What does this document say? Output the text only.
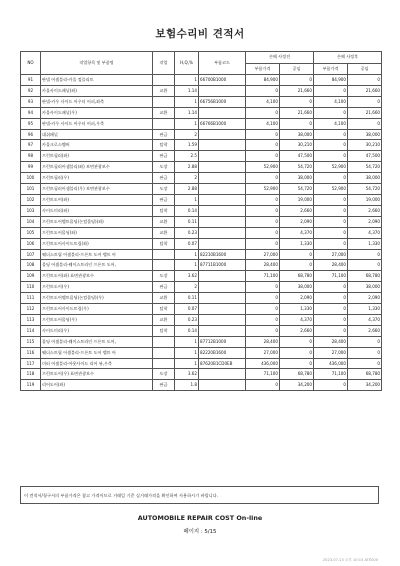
보험수리비 견적서
NO	작업항목 및 부품명	작업	H,Q,%	부품코드	손해 사정전		손해 사정후	
					부품가격	공임	부품가격	공임
91	판넬 어셈블리-카울 컴플리트		1	66700B1000	84,900	0	84,900	0
92	카울사이드패널(좌)	교환	1.14		0	21,660	0	21,660
93	판넬-카우 사이드 아우터 어퍼,좌측		1	66756B1000	4,100	0	4,100	0
94	카울사이드패널(우)	교환	1.14		0	21,660	0	21,660
95	판넬-카우 사이드 아우터 어퍼,우측		1	66766B1000	4,100	0	4,100	0
96	대쉬패널	판금	2		0	38,000	0	38,000
97	카울크로스멤버	탈착	1.59		0	30,210	0	30,210
98	프런트필러(좌)	판금	2.5		0	47,500	0	47,500
99	프런트필러어셈블리(좌) 보면관광보수	도장	2.88		52,900	54,720	52,900	54,720
100	프런트필러(우)	판금	2		0	38,000	0	38,000
101	프런트필러어셈블리(우) 보면관광보수	도장	2.88		52,900	54,720	52,900	54,720
102	프런트도어(좌)	판금	1		0	19,000	0	19,000
103	사이드미러(좌)	탈착	0.14		0	2,660	0	2,660
104	프런트도어벨트몰딩(논컴몰딩)(좌)	교환	0.11		0	2,090	0	2,090
105	프런트도어몰딩(좌)	교환	0.23		0	4,370	0	4,370
106	프런트도어사이드트림(좌)	탈착	0.07		0	1,330	0	1,330
107	웨더스트립 어셈블리-프론트 도어 벨트 아		1	82210B1600	27,000	0	27,000	0
108	몰딩 어셈블리-웨이스트라인 프론트 도어,		1	87711B1000	28,400	0	28,400	0
109	프런트도어(좌) 표면관광보수	도장	3.62		71,100	68,780	71,100	68,780
110	프런트도어(우)	판금	2		0	38,000	0	38,000
111	프런트도어벨트몰딩(논컴몰딩)(우)	교환	0.11		0	2,090	0	2,090
112	프런트도어사이드트림(우)	탈착	0.07		0	1,330	0	1,330
113	프런트도어몰딩(우)	교환	0.23		0	4,370	0	4,370
114	사이드미러(우)	탈착	0.14		0	2,660	0	2,660
115	몰딩 어셈블리-웨이스트라인 프론트 도어,		1	87712B1000	28,400	0	28,400	0
116	웨더스트립 어셈블리-프론트 도어 벨트 아		1	82220B1600	27,000	0	27,000	0
117	미러 어셈블리-아웃사이드 리어 뷰,우측		1	87620B1CD0EB	436,000	0	436,000	0
118	프런트도어(우) 표면관광보수	도장	3.62		71,100	68,780	71,100	68,780
119	리어도어(좌)	판금	1.8		0	34,200	0	34,200
이 견적서/청구서의 부품가격은 참고 가격이므로 거래일 기준 실거래가격을 확인하여 사용하시기 바랍니다.
AUTOMOBILE REPAIR COST On-line
페이지 : 5/15
2023-07-13 오후 10:15 ATE000
